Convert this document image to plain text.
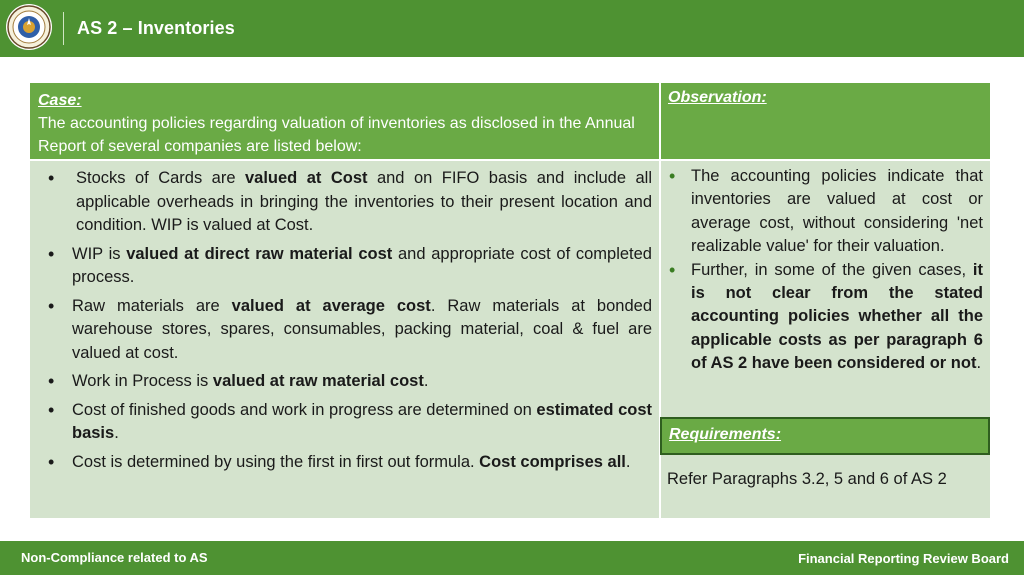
AS 2 – Inventories
Case:
The accounting policies regarding valuation of inventories as disclosed in the Annual Report of several companies are listed below:
Observation:
• Stocks of Cards are valued at Cost and on FIFO basis and include all applicable overheads in bringing the inventories to their present location and condition. WIP is valued at Cost.
• WIP is valued at direct raw material cost and appropriate cost of completed process.
• Raw materials are valued at average cost. Raw materials at bonded warehouse stores, spares, consumables, packing material, coal & fuel are valued at cost.
• Work in Process is valued at raw material cost.
• Cost of finished goods and work in progress are determined on estimated cost basis.
• Cost is determined by using the first in first out formula. Cost comprises all.
• The accounting policies indicate that inventories are valued at cost or average cost, without considering 'net realizable value' for their valuation.
• Further, in some of the given cases, it is not clear from the stated accounting policies whether all the applicable costs as per paragraph 6 of AS 2 have been considered or not.
Requirements:
Refer Paragraphs 3.2, 5 and 6 of AS 2
Non-Compliance related to AS	Financial Reporting Review Board
